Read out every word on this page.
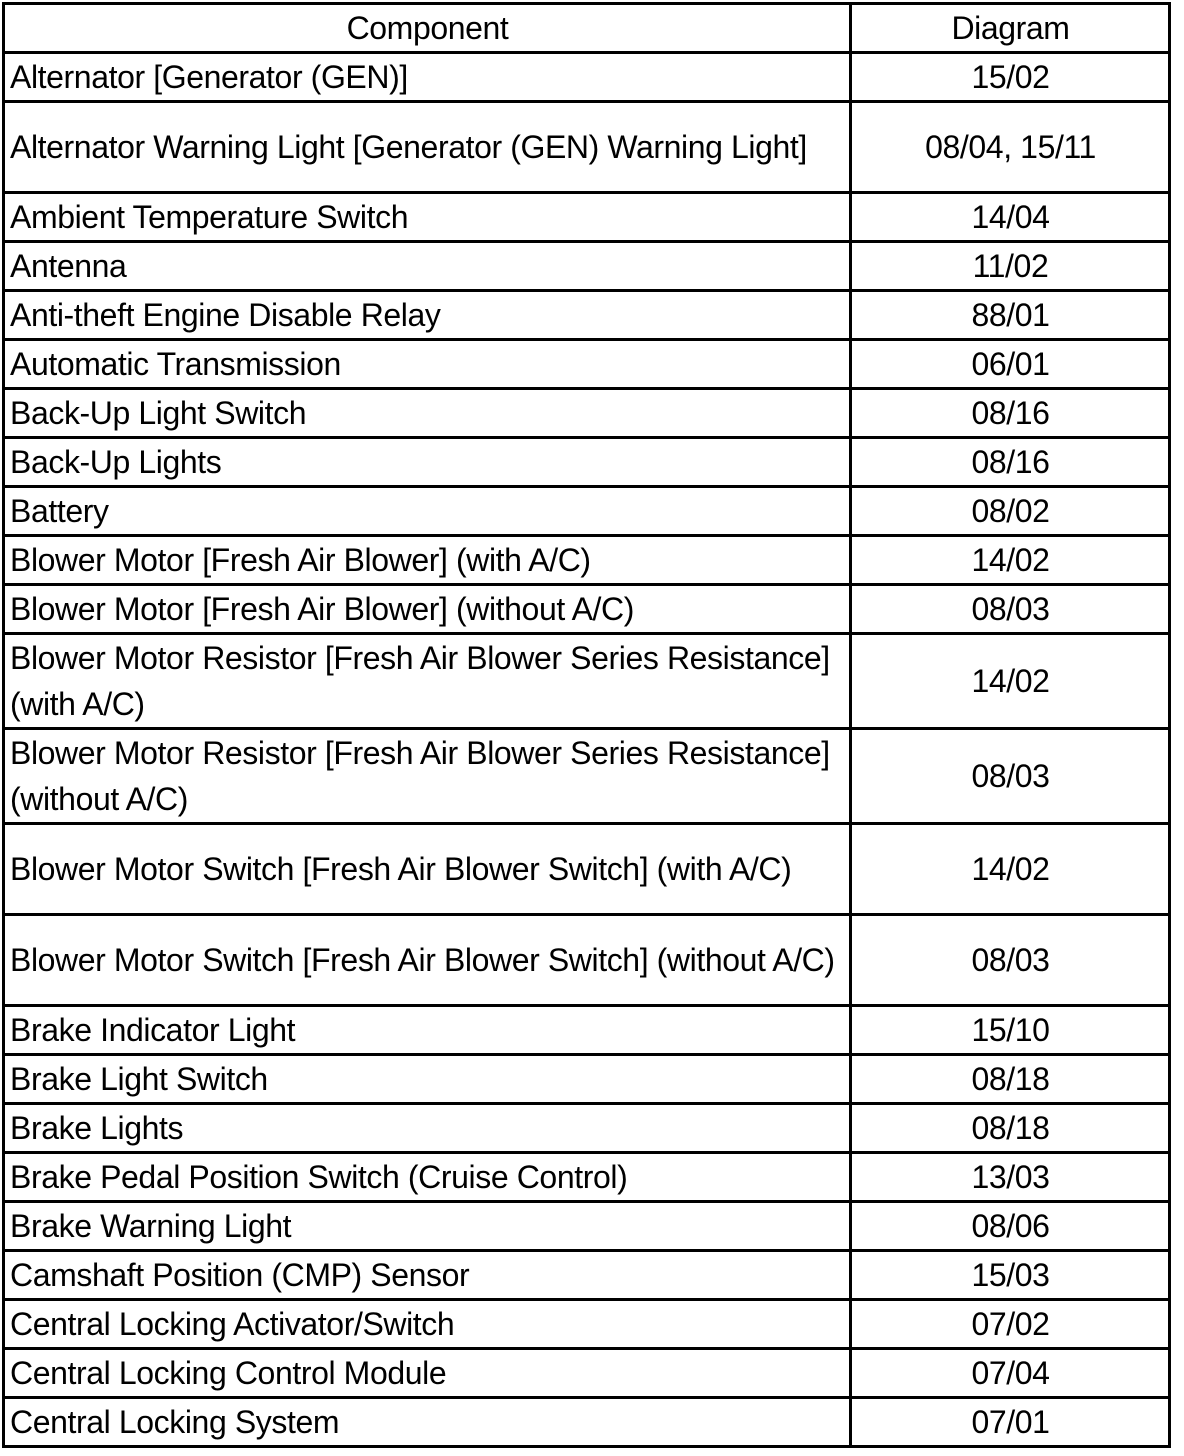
Component	Diagram
Alternator [Generator (GEN)]	15/02
Alternator Warning Light [Generator (GEN) Warning Light]	08/04, 15/11
Ambient Temperature Switch	14/04
Antenna	11/02
Anti-theft Engine Disable Relay	88/01
Automatic Transmission	06/01
Back-Up Light Switch	08/16
Back-Up Lights	08/16
Battery	08/02
Blower Motor [Fresh Air Blower] (with A/C)	14/02
Blower Motor [Fresh Air Blower] (without A/C)	08/03
Blower Motor Resistor [Fresh Air Blower Series Resistance] (with A/C)	14/02
Blower Motor Resistor [Fresh Air Blower Series Resistance] (without A/C)	08/03
Blower Motor Switch [Fresh Air Blower Switch] (with A/C)	14/02
Blower Motor Switch [Fresh Air Blower Switch] (without A/C)	08/03
Brake Indicator Light	15/10
Brake Light Switch	08/18
Brake Lights	08/18
Brake Pedal Position Switch (Cruise Control)	13/03
Brake Warning Light	08/06
Camshaft Position (CMP) Sensor	15/03
Central Locking Activator/Switch	07/02
Central Locking Control Module	07/04
Central Locking System	07/01
